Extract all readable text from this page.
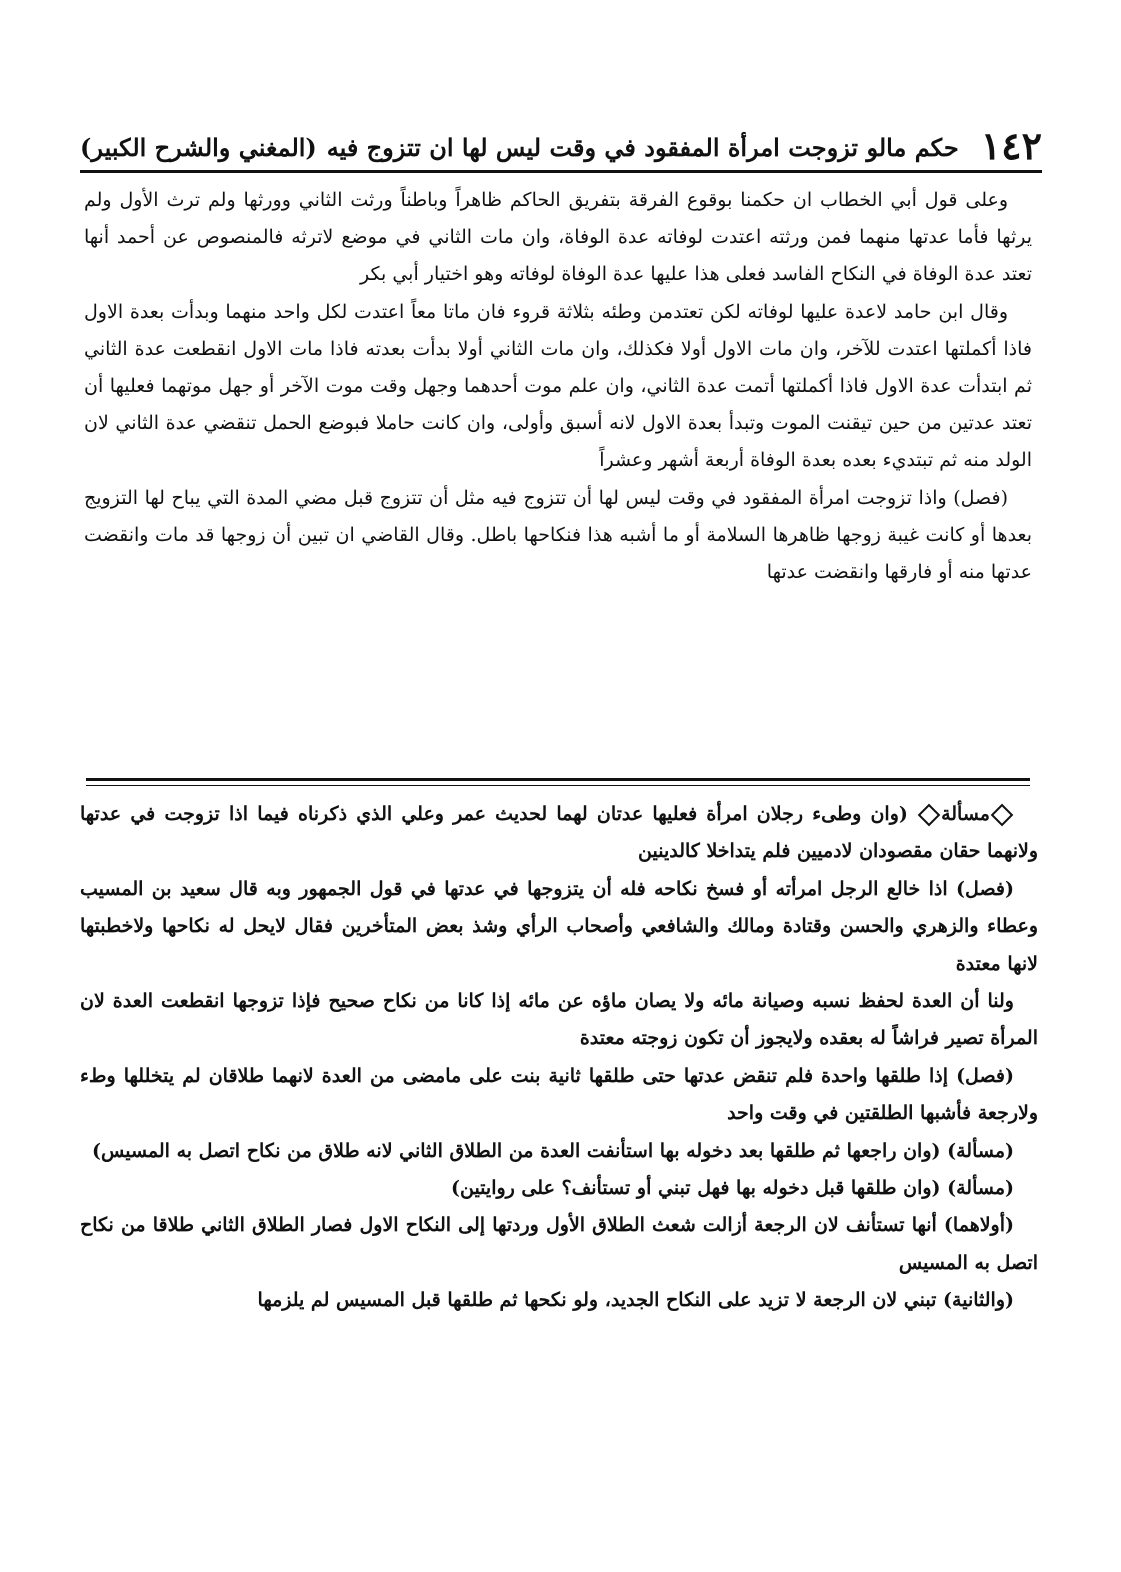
١٤٢
حكم مالو تزوجت امرأة المفقود في وقت ليس لها ان تتزوج فيه
(المغني والشرح الكبير)

وعلى قول أبي الخطاب ان حكمنا بوقوع الفرقة بتفريق الحاكم ظاهراً وباطناً ورثت الثاني وورثها ولم ترث الأول ولم يرثها فأما عدتها منهما فمن ورثته اعتدت لوفاته عدة الوفاة، وان مات الثاني في موضع لاترثه فالمنصوص عن أحمد أنها تعتد عدة الوفاة في النكاح الفاسد فعلى هذا عليها عدة الوفاة لوفاته وهو اختيار أبي بكر

وقال ابن حامد لاعدة عليها لوفاته لكن تعتدمن وطئه بثلاثة قروء فان ماتا معاً اعتدت لكل واحد منهما وبدأت بعدة الاول فاذا أكملتها اعتدت للآخر، وان مات الاول أولا فكذلك، وان مات الثاني أولا بدأت بعدته فاذا مات الاول انقطعت عدة الثاني ثم ابتدأت عدة الاول فاذا أكملتها أتمت عدة الثاني، وان علم موت أحدهما وجهل وقت موت الآخر أو جهل موتهما فعليها أن تعتد عدتين من حين تيقنت الموت وتبدأ بعدة الاول لانه أسبق وأولى، وان كانت حاملا فبوضع الحمل تنقضي عدة الثاني لان الولد منه ثم تبتديء بعده بعدة الوفاة أربعة أشهر وعشراً

(فصل) واذا تزوجت امرأة المفقود في وقت ليس لها أن تتزوج فيه مثل أن تتزوج قبل مضي المدة التي يباح لها التزويج بعدها أو كانت غيبة زوجها ظاهرها السلامة أو ما أشبه هذا فنكاحها باطل. وقال القاضي ان تبين أن زوجها قد مات وانقضت عدتها منه أو فارقها وانقضت عدتها

مسألة (وان وطىء رجلان امرأة فعليها عدتان لهما لحديث عمر وعلي الذي ذكرناه فيما اذا تزوجت في عدتها ولانهما حقان مقصودان لادميين فلم يتداخلا كالدينين

(فصل) اذا خالع الرجل امرأته أو فسخ نكاحه فله أن يتزوجها في عدتها في قول الجمهور وبه قال سعيد بن المسيب وعطاء والزهري والحسن وقتادة ومالك والشافعي وأصحاب الرأي وشذ بعض المتأخرين فقال لايحل له نكاحها ولاخطبتها لانها معتدة

ولنا أن العدة لحفظ نسبه وصيانة مائه ولا يصان ماؤه عن مائه إذا كانا من نكاح صحيح فإذا تزوجها انقطعت العدة لان المرأة تصير فراشاً له بعقده ولايجوز أن تكون زوجته معتدة

(فصل) إذا طلقها واحدة فلم تنقض عدتها حتى طلقها ثانية بنت على مامضى من العدة لانهما طلاقان لم يتخللها وطء ولارجعة فأشبها الطلقتين في وقت واحد

(مسألة) (وان راجعها ثم طلقها بعد دخوله بها استأنفت العدة من الطلاق الثاني لانه طلاق من نكاح اتصل به المسيس)

(مسألة) (وان طلقها قبل دخوله بها فهل تبني أو تستأنف؟ على روايتين)

(أولاهما) أنها تستأنف لان الرجعة أزالت شعث الطلاق الأول وردتها إلى النكاح الاول فصار الطلاق الثاني طلاقا من نكاح اتصل به المسيس

(والثانية) تبني لان الرجعة لا تزيد على النكاح الجديد، ولو نكحها ثم طلقها قبل المسيس لم يلزمها
